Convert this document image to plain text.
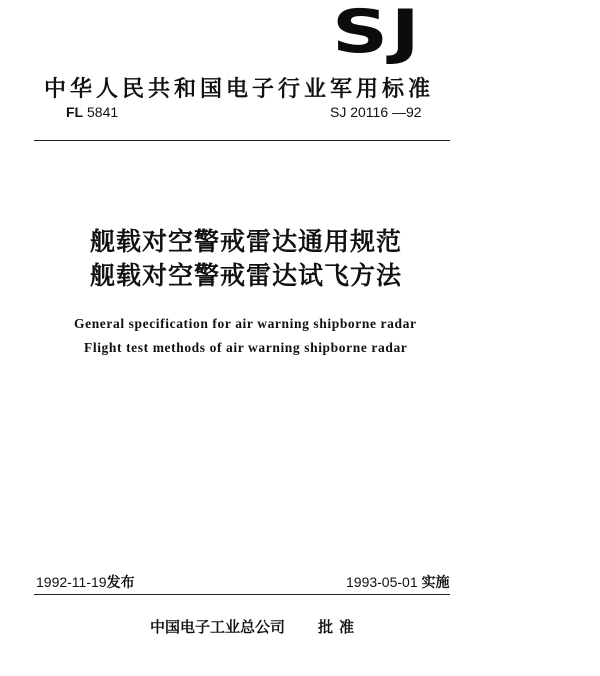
SJ
中华人民共和国电子行业军用标准
FL 5841	SJ 20116 —92
舰载对空警戒雷达通用规范
舰载对空警戒雷达试飞方法
General specification for air warning shipborne radar
Flight test methods of air warning shipborne radar
1992-11-19发布	1993-05-01 实施
中国电子工业总公司 批准
